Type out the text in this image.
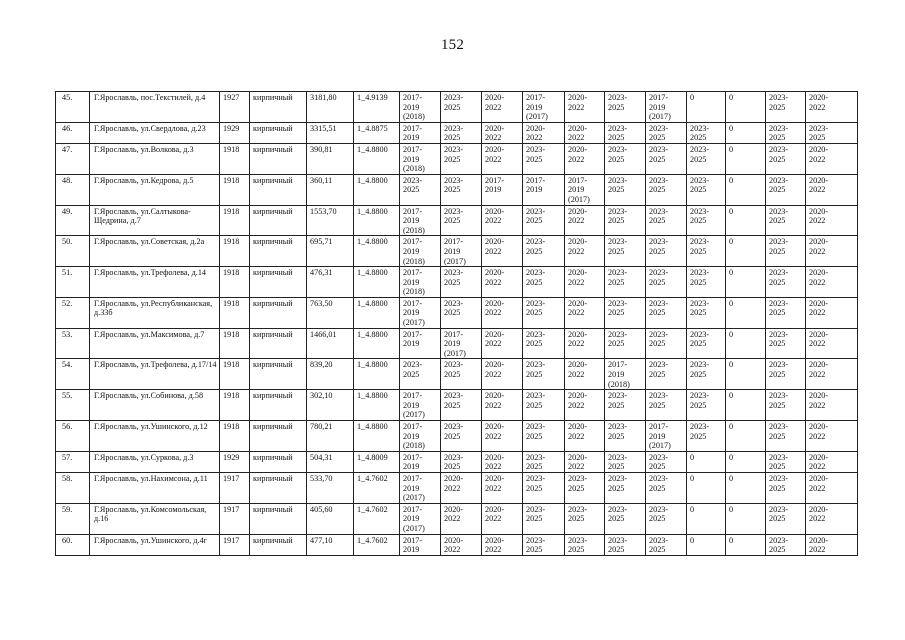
152
45.	Г.Ярославль, пос.Текстилей, д.4	1927	кирпичный	3181,80	1_4.9139	2017-
2019
(2018)	2023-
2025	2020-
2022	2017-
2019
(2017)	2020-
2022	2023-
2025	2017-
2019
(2017)	0	0	2023-
2025	2020-
2022

46.	Г.Ярославль, ул.Свердлова, д.23	1929	кирпичный	3315,51	1_4.8875	2017-
2019	2023-
2025	2020-
2022	2020-
2022	2020-
2022	2023-
2025	2023-
2025	2023-
2025	0	2023-
2025	2023-
2025

47.	Г.Ярославль, ул.Волкова, д.3	1918	кирпичный	390,81	1_4.8800	2017-
2019
(2018)	2023-
2025	2020-
2022	2023-
2025	2020-
2022	2023-
2025	2023-
2025	2023-
2025	0	2023-
2025	2020-
2022

48.	Г.Ярославль, ул.Кедрова, д.5	1918	кирпичный	360,11	1_4.8800	2023-
2025	2023-
2025	2017-
2019	2017-
2019	2017-
2019
(2017)	2023-
2025	2023-
2025	2023-
2025	0	2023-
2025	2020-
2022

49.	Г.Ярославль, ул.Салтыкова-Щедрина, д.7	1918	кирпичный	1553,70	1_4.8800	2017-
2019
(2018)	2023-
2025	2020-
2022	2023-
2025	2020-
2022	2023-
2025	2023-
2025	2023-
2025	0	2023-
2025	2020-
2022

50.	Г.Ярославль, ул.Советская, д.2а	1918	кирпичный	695,71	1_4.8800	2017-
2019
(2018)	2017-
2019
(2017)	2020-
2022	2023-
2025	2020-
2022	2023-
2025	2023-
2025	2023-
2025	0	2023-
2025	2020-
2022

51.	Г.Ярославль, ул.Трефолева, д.14	1918	кирпичный	476,31	1_4.8800	2017-
2019
(2018)	2023-
2025	2020-
2022	2023-
2025	2020-
2022	2023-
2025	2023-
2025	2023-
2025	0	2023-
2025	2020-
2022

52.	Г.Ярославль, ул.Республиканская, д.33б	1918	кирпичный	763,50	1_4.8800	2017-
2019
(2017)	2023-
2025	2020-
2022	2023-
2025	2020-
2022	2023-
2025	2023-
2025	2023-
2025	0	2023-
2025	2020-
2022

53.	Г.Ярославль, ул.Максимова, д.7	1918	кирпичный	1466,01	1_4.8800	2017-
2019	2017-
2019
(2017)	2020-
2022	2023-
2025	2020-
2022	2023-
2025	2023-
2025	2023-
2025	0	2023-
2025	2020-
2022

54.	Г.Ярославль, ул.Трефолева, д.17/14	1918	кирпичный	839,20	1_4.8800	2023-
2025	2023-
2025	2020-
2022	2023-
2025	2020-
2022	2017-
2019
(2018)	2023-
2025	2023-
2025	0	2023-
2025	2020-
2022

55.	Г.Ярославль, ул.Собинова, д.58	1918	кирпичный	302,10	1_4.8800	2017-
2019
(2017)	2023-
2025	2020-
2022	2023-
2025	2020-
2022	2023-
2025	2023-
2025	2023-
2025	0	2023-
2025	2020-
2022

56.	Г.Ярославль, ул.Ушинского, д.12	1918	кирпичный	780,21	1_4.8800	2017-
2019
(2018)	2023-
2025	2020-
2022	2023-
2025	2020-
2022	2023-
2025	2017-
2019
(2017)	2023-
2025	0	2023-
2025	2020-
2022

57.	Г.Ярославль, ул.Суркова, д.3	1929	кирпичный	504,31	1_4.8009	2017-
2019	2023-
2025	2020-
2022	2023-
2025	2020-
2022	2023-
2025	2023-
2025	0	0	2023-
2025	2020-
2022

58.	Г.Ярославль, ул.Нахимсона, д.11	1917	кирпичный	533,70	1_4.7602	2017-
2019
(2017)	2020-
2022	2020-
2022	2023-
2025	2023-
2025	2023-
2025	2023-
2025	0	0	2023-
2025	2020-
2022

59.	Г.Ярославль, ул.Комсомольская, д.16	1917	кирпичный	405,60	1_4.7602	2017-
2019
(2017)	2020-
2022	2020-
2022	2023-
2025	2023-
2025	2023-
2025	2023-
2025	0	0	2023-
2025	2020-
2022

60.	Г.Ярославль, ул.Ушинского, д.4г	1917	кирпичный	477,10	1_4.7602	2017-
2019	2020-
2022	2020-
2022	2023-
2025	2023-
2025	2023-
2025	2023-
2025	0	0	2023-
2025	2020-
2022
